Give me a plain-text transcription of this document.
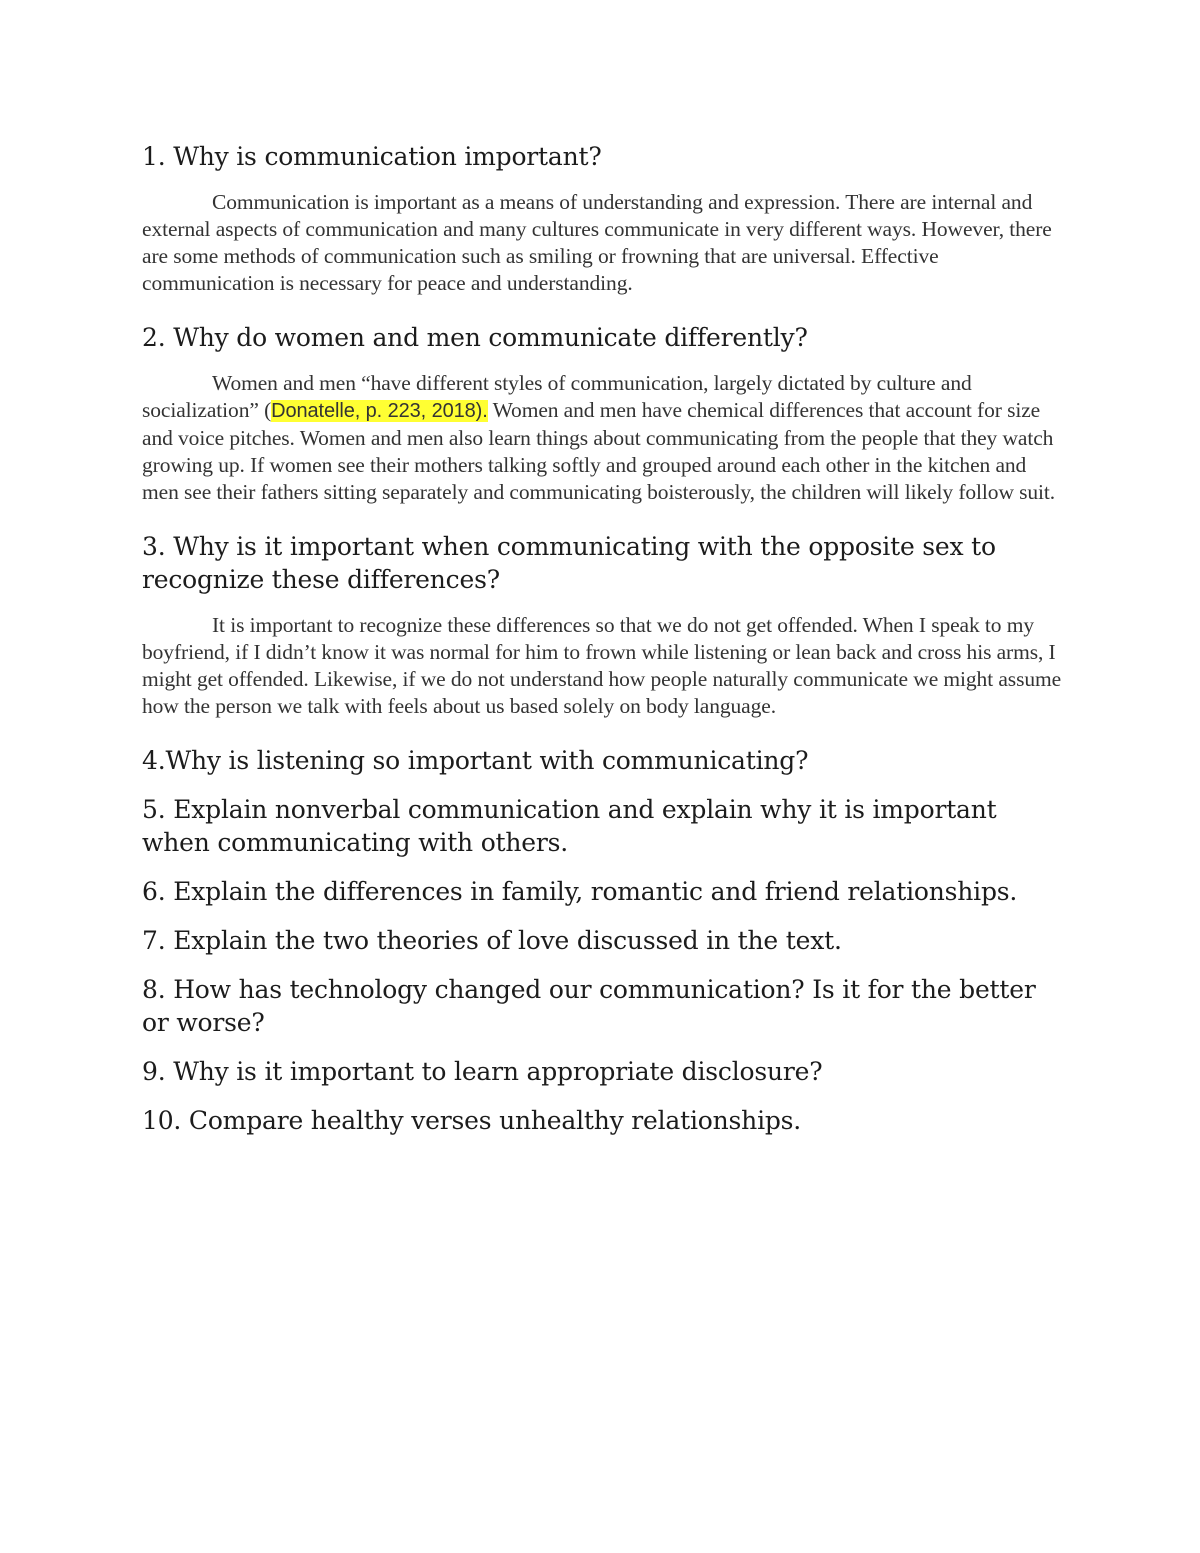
1. Why is communication important?

Communication is important as a means of understanding and expression. There are internal and external aspects of communication and many cultures communicate in very different ways. However, there are some methods of communication such as smiling or frowning that are universal. Effective communication is necessary for peace and understanding.

2. Why do women and men communicate differently?

Women and men “have different styles of communication, largely dictated by culture and socialization” (Donatelle, p. 223, 2018). Women and men have chemical differences that account for size and voice pitches. Women and men also learn things about communicating from the people that they watch growing up. If women see their mothers talking softly and grouped around each other in the kitchen and men see their fathers sitting separately and communicating boisterously, the children will likely follow suit.

3. Why is it important when communicating with the opposite sex to recognize these differences?

It is important to recognize these differences so that we do not get offended. When I speak to my boyfriend, if I didn’t know it was normal for him to frown while listening or lean back and cross his arms, I might get offended. Likewise, if we do not understand how people naturally communicate we might assume how the person we talk with feels about us based solely on body language.

4.Why is listening so important with communicating?
5. Explain nonverbal communication and explain why it is important when communicating with others.
6. Explain the differences in family, romantic and friend relationships.
7. Explain the two theories of love discussed in the text.
8. How has technology changed our communication? Is it for the better or worse?
9. Why is it important to learn appropriate disclosure?
10. Compare healthy verses unhealthy relationships.
